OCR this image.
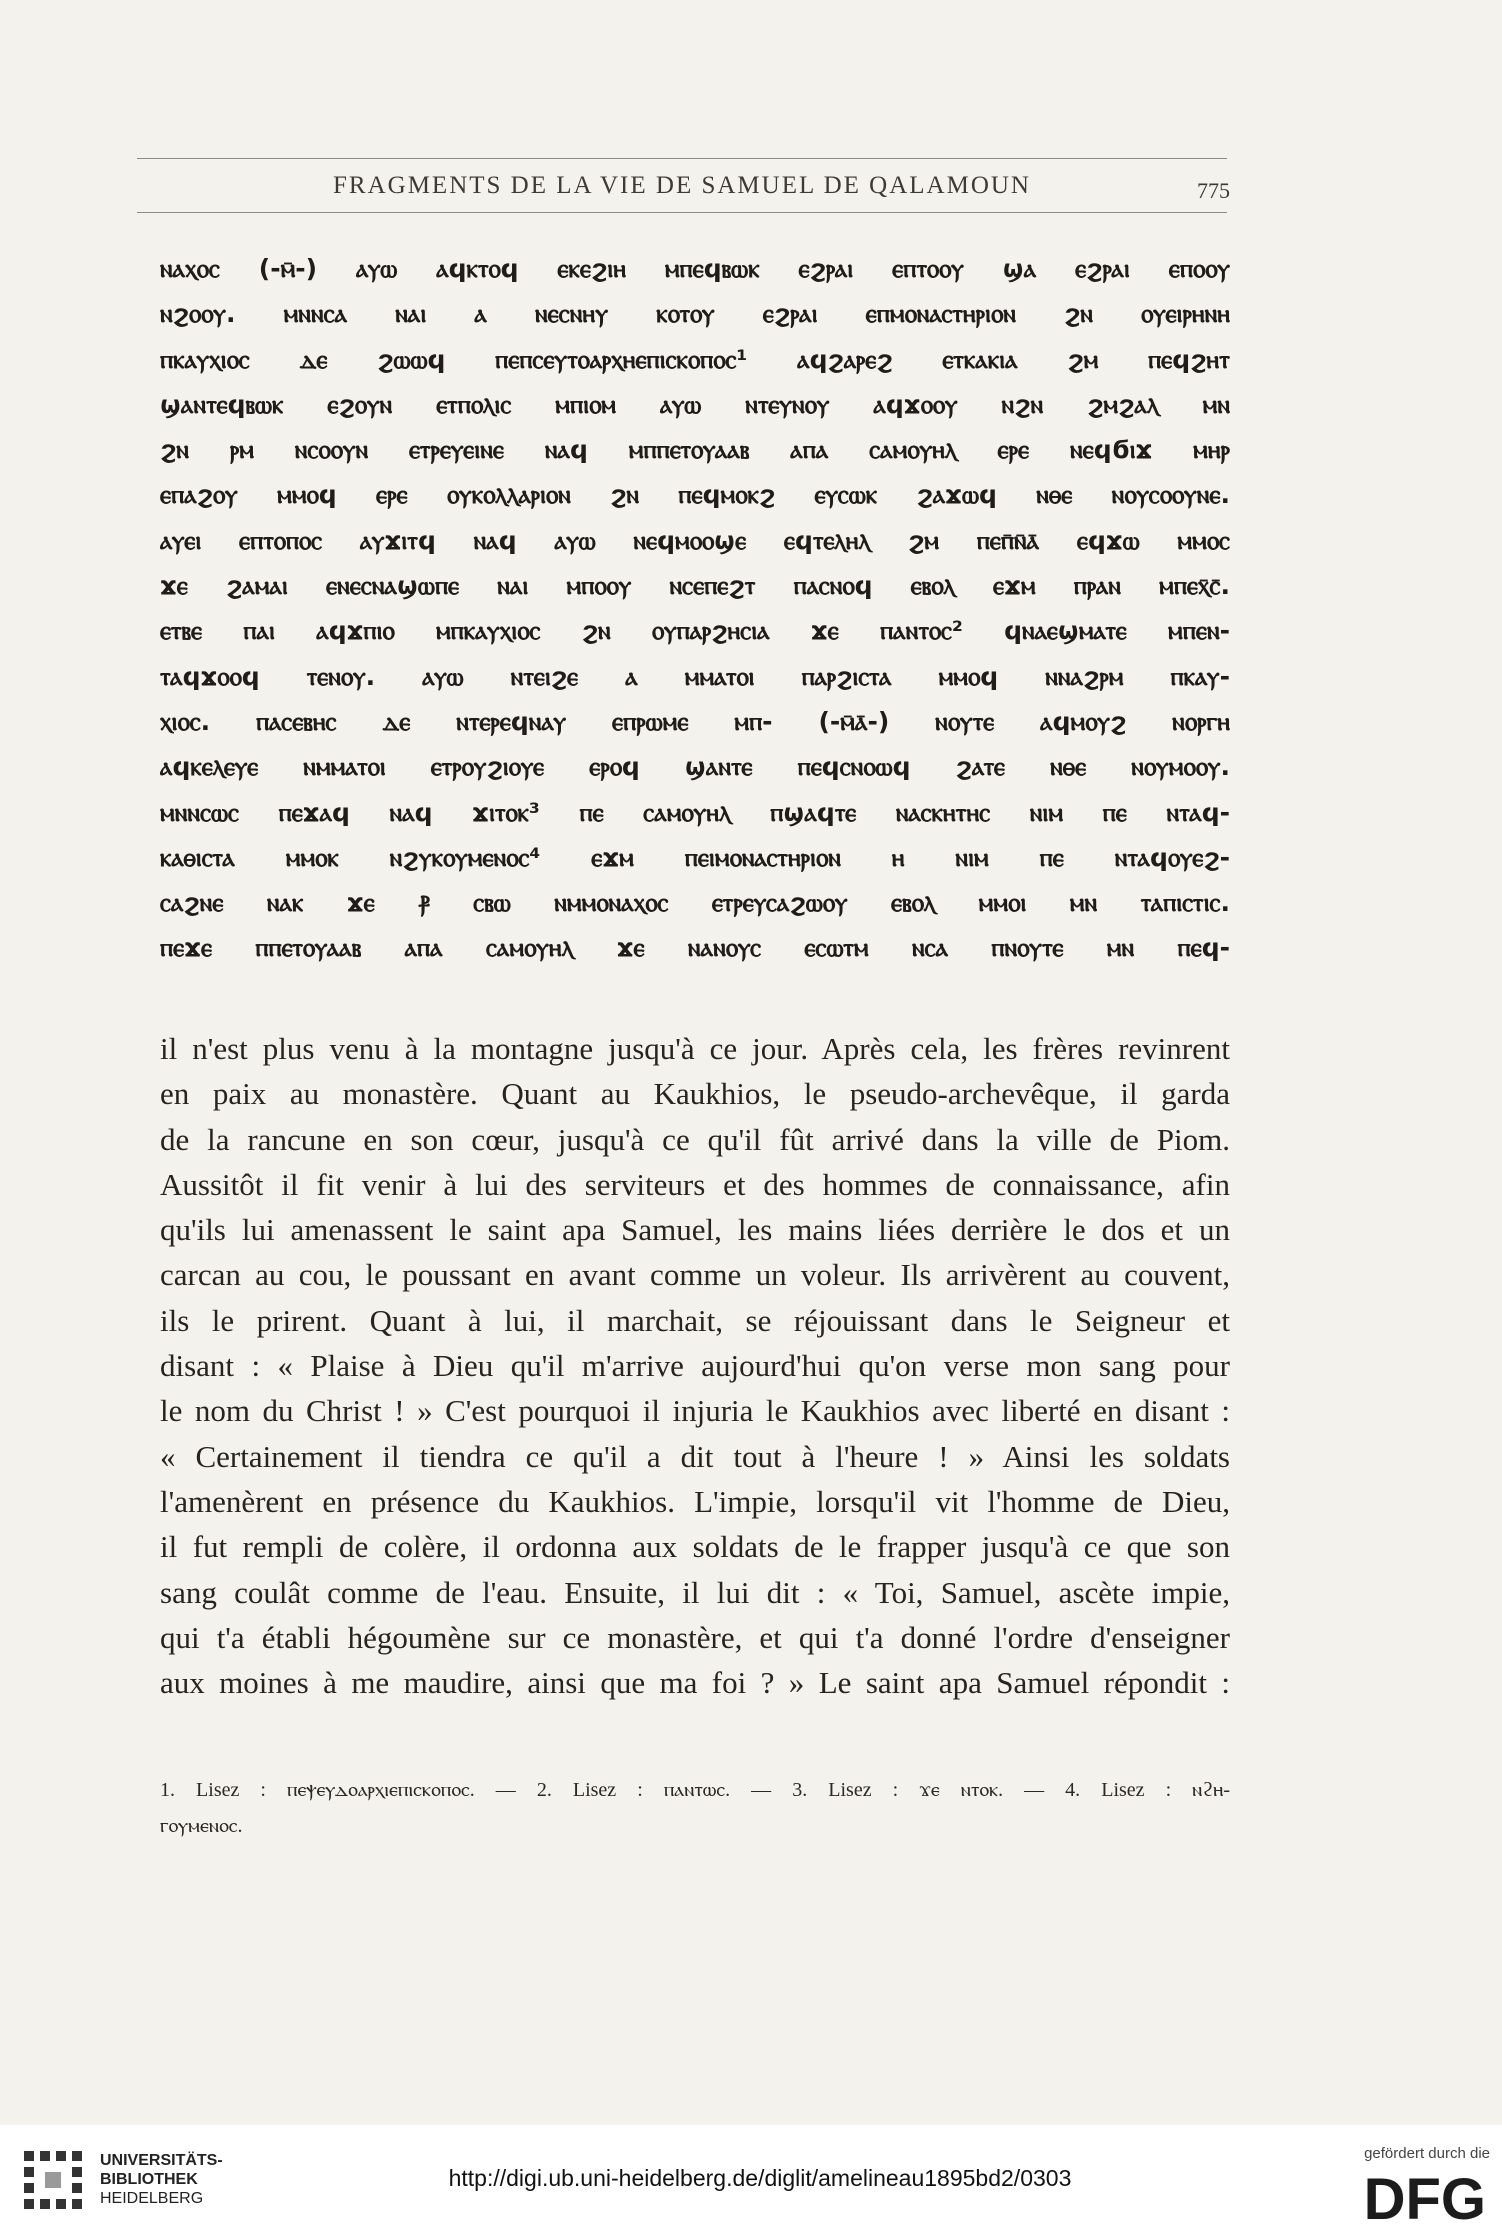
FRAGMENTS DE LA VIE DE SAMUEL DE QALAMOUN	775
ⲛⲁⲭⲟⲥ (-ⲙ̄-) ⲁⲩⲱ ⲁϥⲕⲧⲟϥ ⲉⲕⲉϩⲓⲏ ⲙⲡⲉϥⲃⲱⲕ ⲉϩⲣⲁⲓ ⲉⲡⲧⲟⲟⲩ ϣⲁ ⲉϩⲣⲁⲓ ⲉⲡⲟⲟⲩ
ⲛϩⲟⲟⲩ. ⲙⲛⲛⲥⲁ ⲛⲁⲓ ⲁ ⲛⲉⲥⲛⲏⲩ ⲕⲟⲧⲟⲩ ⲉϩⲣⲁⲓ ⲉⲡⲙⲟⲛⲁⲥⲧⲏⲣⲓⲟⲛ ϩⲛ ⲟⲩⲉⲓⲣⲏⲛⲏ
ⲡⲕⲁⲩⲭⲓⲟⲥ ⲇⲉ ϩⲱⲱϥ ⲡⲉⲡⲥⲉⲩⲧⲟⲁⲣⲭⲏⲉⲡⲓⲥⲕⲟⲡⲟⲥ¹ ⲁϥϩⲁⲣⲉϩ ⲉⲧⲕⲁⲕⲓⲁ ϩⲙ ⲡⲉϥϩⲏⲧ
ϣⲁⲛⲧⲉϥⲃⲱⲕ ⲉϩⲟⲩⲛ ⲉⲧⲡⲟⲗⲓⲥ ⲙⲡⲓⲟⲙ ⲁⲩⲱ ⲛⲧⲉⲩⲛⲟⲩ ⲁϥϫⲟⲟⲩ ⲛϩⲛ ϩⲙϩⲁⲗ ⲙⲛ
ϩⲛ ⲣⲙ ⲛⲥⲟⲟⲩⲛ ⲉⲧⲣⲉⲩⲉⲓⲛⲉ ⲛⲁϥ ⲙⲡⲡⲉⲧⲟⲩⲁⲁⲃ ⲁⲡⲁ ⲥⲁⲙⲟⲩⲏⲗ ⲉⲣⲉ ⲛⲉϥϭⲓϫ ⲙⲏⲣ
ⲉⲡⲁϩⲟⲩ ⲙⲙⲟϥ ⲉⲣⲉ ⲟⲩⲕⲟⲗⲗⲁⲣⲓⲟⲛ ϩⲛ ⲡⲉϥⲙⲟⲕϩ ⲉⲩⲥⲱⲕ ϩⲁϫⲱϥ ⲛⲑⲉ ⲛⲟⲩⲥⲟⲟⲩⲛⲉ.
ⲁⲩⲉⲓ ⲉⲡⲧⲟⲡⲟⲥ ⲁⲩϫⲓⲧϥ ⲛⲁϥ ⲁⲩⲱ ⲛⲉϥⲙⲟⲟϣⲉ ⲉϥⲧⲉⲗⲏⲗ ϩⲙ ⲡⲉⲡ̄ⲛ̄ⲁ̄ ⲉϥϫⲱ ⲙⲙⲟⲥ
ϫⲉ ϩⲁⲙⲁⲓ ⲉⲛⲉⲥⲛⲁϣⲱⲡⲉ ⲛⲁⲓ ⲙⲡⲟⲟⲩ ⲛⲥⲉⲡⲉϩⲧ ⲡⲁⲥⲛⲟϥ ⲉⲃⲟⲗ ⲉϫⲙ ⲡⲣⲁⲛ ⲙⲡⲉⲭ̄ⲥ̄.
ⲉⲧⲃⲉ ⲡⲁⲓ ⲁϥϫⲡⲓⲟ ⲙⲡⲕⲁⲩⲭⲓⲟⲥ ϩⲛ ⲟⲩⲡⲁⲣϩⲏⲥⲓⲁ ϫⲉ ⲡⲁⲛⲧⲟⲥ² ϥⲛⲁⲉϣⲙⲁⲧⲉ ⲙⲡⲉⲛ-
ⲧⲁϥϫⲟⲟϥ ⲧⲉⲛⲟⲩ. ⲁⲩⲱ ⲛⲧⲉⲓϩⲉ ⲁ ⲙⲙⲁⲧⲟⲓ ⲡⲁⲣϩⲓⲥⲧⲁ ⲙⲙⲟϥ ⲛⲛⲁϩⲣⲙ ⲡⲕⲁⲩ-
ⲭⲓⲟⲥ. ⲡⲁⲥⲉⲃⲏⲥ ⲇⲉ ⲛⲧⲉⲣⲉϥⲛⲁⲩ ⲉⲡⲣⲱⲙⲉ ⲙⲡ- (-ⲙ̄ⲁ̄-) ⲛⲟⲩⲧⲉ ⲁϥⲙⲟⲩϩ ⲛⲟⲣⲅⲏ
ⲁϥⲕⲉⲗⲉⲩⲉ ⲛⲙⲙⲁⲧⲟⲓ ⲉⲧⲣⲟⲩϩⲓⲟⲩⲉ ⲉⲣⲟϥ ϣⲁⲛⲧⲉ ⲡⲉϥⲥⲛⲟⲱϥ ϩⲁⲧⲉ ⲛⲑⲉ ⲛⲟⲩⲙⲟⲟⲩ.
ⲙⲛⲛⲥⲱⲥ ⲡⲉϫⲁϥ ⲛⲁϥ ϫⲓⲧⲟⲕ³ ⲡⲉ ⲥⲁⲙⲟⲩⲏⲗ ⲡϣⲁϥⲧⲉ ⲛⲁⲥⲕⲏⲧⲏⲥ ⲛⲓⲙ ⲡⲉ ⲛⲧⲁϥ-
ⲕⲁⲑⲓⲥⲧⲁ ⲙⲙⲟⲕ ⲛϩⲩⲕⲟⲩⲙⲉⲛⲟⲥ⁴ ⲉϫⲙ ⲡⲉⲓⲙⲟⲛⲁⲥⲧⲏⲣⲓⲟⲛ ⲏ ⲛⲓⲙ ⲡⲉ ⲛⲧⲁϥⲟⲩⲉϩ-
ⲥⲁϩⲛⲉ ⲛⲁⲕ ϫⲉ ⳁ ⲥⲃⲱ ⲛⲙⲙⲟⲛⲁⲭⲟⲥ ⲉⲧⲣⲉⲩⲥⲁϩⲱⲟⲩ ⲉⲃⲟⲗ ⲙⲙⲟⲓ ⲙⲛ ⲧⲁⲡⲓⲥⲧⲓⲥ.
ⲡⲉϫⲉ ⲡⲡⲉⲧⲟⲩⲁⲁⲃ ⲁⲡⲁ ⲥⲁⲙⲟⲩⲏⲗ ϫⲉ ⲛⲁⲛⲟⲩⲥ ⲉⲥⲱⲧⲙ ⲛⲥⲁ ⲡⲛⲟⲩⲧⲉ ⲙⲛ ⲡⲉϥ-
il n'est plus venu à la montagne jusqu'à ce jour. Après cela, les frères revinrent
en paix au monastère. Quant au Kaukhios, le pseudo-archevêque, il garda
de la rancune en son cœur, jusqu'à ce qu'il fût arrivé dans la ville de Piom.
Aussitôt il fit venir à lui des serviteurs et des hommes de connaissance, afin
qu'ils lui amenassent le saint apa Samuel, les mains liées derrière le dos et un
carcan au cou, le poussant en avant comme un voleur. Ils arrivèrent au couvent,
ils le prirent. Quant à lui, il marchait, se réjouissant dans le Seigneur et
disant : « Plaise à Dieu qu'il m'arrive aujourd'hui qu'on verse mon sang pour
le nom du Christ ! » C'est pourquoi il injuria le Kaukhios avec liberté en disant :
« Certainement il tiendra ce qu'il a dit tout à l'heure ! » Ainsi les soldats
l'amenèrent en présence du Kaukhios. L'impie, lorsqu'il vit l'homme de Dieu,
il fut rempli de colère, il ordonna aux soldats de le frapper jusqu'à ce que son
sang coulât comme de l'eau. Ensuite, il lui dit : « Toi, Samuel, ascète impie,
qui t'a établi hégoumène sur ce monastère, et qui t'a donné l'ordre d'enseigner
aux moines à me maudire, ainsi que ma foi ? » Le saint apa Samuel répondit :
1. Lisez : ⲡⲉⲯⲉⲩⲇⲟⲁⲣⲭⲓⲉⲡⲓⲥⲕⲟⲡⲟⲥ. — 2. Lisez : ⲡⲁⲛⲧⲱⲥ. — 3. Lisez : ϫⲉ ⲛⲧⲟⲕ. — 4. Lisez : ⲛϩⲏ-
ⲅⲟⲩⲙⲉⲛⲟⲥ.
UNIVERSITÄTS-
BIBLIOTHEK
HEIDELBERG
http://digi.ub.uni-heidelberg.de/diglit/amelineau1895bd2/0303
gefördert durch die
DFG
